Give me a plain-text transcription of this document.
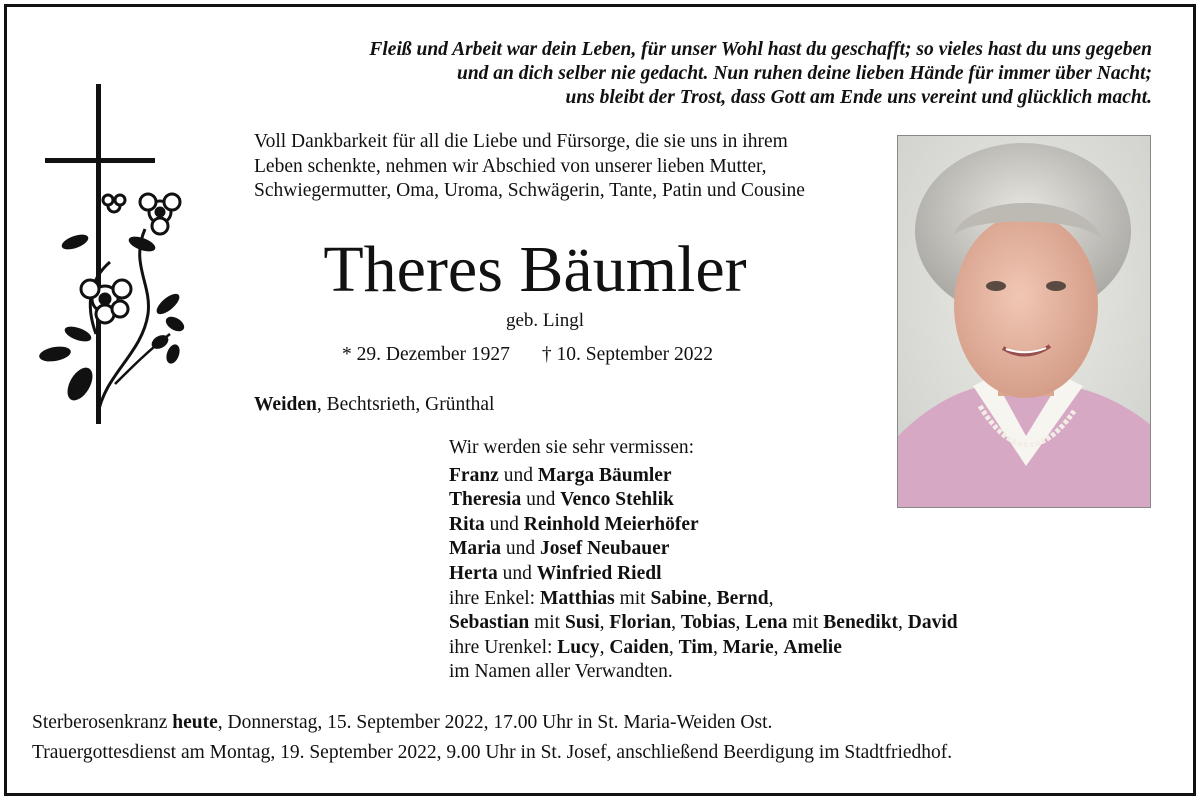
Fleiß und Arbeit war dein Leben, für unser Wohl hast du geschafft; so vieles hast du uns gegeben
und an dich selber nie gedacht. Nun ruhen deine lieben Hände für immer über Nacht;
uns bleibt der Trost, dass Gott am Ende uns vereint und glücklich macht.
Voll Dankbarkeit für all die Liebe und Fürsorge, die sie uns in ihrem
Leben schenkte, nehmen wir Abschied von unserer lieben Mutter,
Schwiegermutter, Oma, Uroma, Schwägerin, Tante, Patin und Cousine
Theres Bäumler
geb. Lingl
* 29. Dezember 1927 † 10. September 2022
Weiden, Bechtsrieth, Grünthal
Wir werden sie sehr vermissen:
Franz und Marga Bäumler
Theresia und Venco Stehlik
Rita und Reinhold Meierhöfer
Maria und Josef Neubauer
Herta und Winfried Riedl
ihre Enkel: Matthias mit Sabine, Bernd,
Sebastian mit Susi, Florian, Tobias, Lena mit Benedikt, David
ihre Urenkel: Lucy, Caiden, Tim, Marie, Amelie
im Namen aller Verwandten.
Sterberosenkranz heute, Donnerstag, 15. September 2022, 17.00 Uhr in St. Maria-Weiden Ost.
Trauergottesdienst am Montag, 19. September 2022, 9.00 Uhr in St. Josef, anschließend Beerdigung im Stadtfriedhof.
